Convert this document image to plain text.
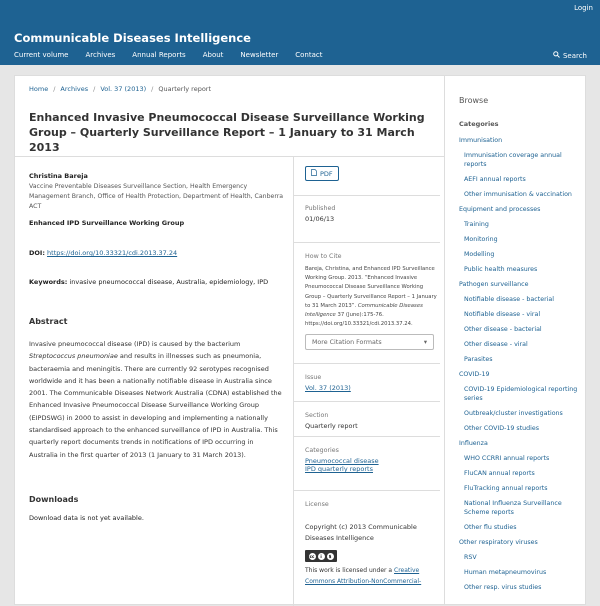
Login
Communicable Diseases Intelligence
Current volume Archives Annual Reports About Newsletter Contact	Search
Home / Archives / Vol. 37 (2013) / Quarterly report
Enhanced Invasive Pneumococcal Disease Surveillance Working Group – Quarterly Surveillance Report – 1 January to 31 March 2013
Christina Bareja
Vaccine Preventable Diseases Surveillance Section, Health Emergency Management Branch, Office of Health Protection, Department of Health, Canberra ACT
Enhanced IPD Surveillance Working Group
DOI: https://doi.org/10.33321/cdi.2013.37.24
Keywords: invasive pneumococcal disease, Australia, epidemiology, IPD
Abstract
Invasive pneumococcal disease (IPD) is caused by the bacterium Streptococcus pneumoniae and results in illnesses such as pneumonia, bacteraemia and meningitis. There are currently 92 serotypes recognised worldwide and it has been a nationally notifiable disease in Australia since 2001. The Communicable Diseases Network Australia (CDNA) established the Enhanced Invasive Pneumococcal Disease Surveillance Working Group (EIPDSWG) in 2000 to assist in developing and implementing a nationally standardised approach to the enhanced surveillance of IPD in Australia. This quarterly report documents trends in notifications of IPD occurring in Australia in the first quarter of 2013 (1 January to 31 March 2013).
Downloads
Download data is not yet available.
PDF
Published
01/06/13
How to Cite
Bareja, Christina, and Enhanced IPD Surveillance Working Group. 2013. “Enhanced Invasive Pneumococcal Disease Surveillance Working Group – Quarterly Surveillance Report – 1 January to 31 March 2013”. Communicable Diseases Intelligence 37 (June):175-76. https://doi.org/10.33321/cdi.2013.37.24.
More Citation Formats	▾
Issue
Vol. 37 (2013)
Section
Quarterly report
Categories
Pneumococcal disease
IPD quarterly reports
License
Copyright (c) 2013 Communicable Diseases Intelligence
cc	i	$
This work is licensed under a Creative Commons Attribution-NonCommercial-
Browse
Categories
Immunisation
Immunisation coverage annual reports
AEFI annual reports
Other immunisation & vaccination
Equipment and processes
Training
Monitoring
Modelling
Public health measures
Pathogen surveillance
Notifiable disease - bacterial
Notifiable disease - viral
Other disease - bacterial
Other disease - viral
Parasites
COVID-19
COVID-19 Epidemiological reporting series
Outbreak/cluster investigations
Other COVID-19 studies
Influenza
WHO CCRRI annual reports
FluCAN annual reports
FluTracking annual reports
National Influenza Surveillance Scheme reports
Other flu studies
Other respiratory viruses
RSV
Human metapneumovirus
Other resp. virus studies
